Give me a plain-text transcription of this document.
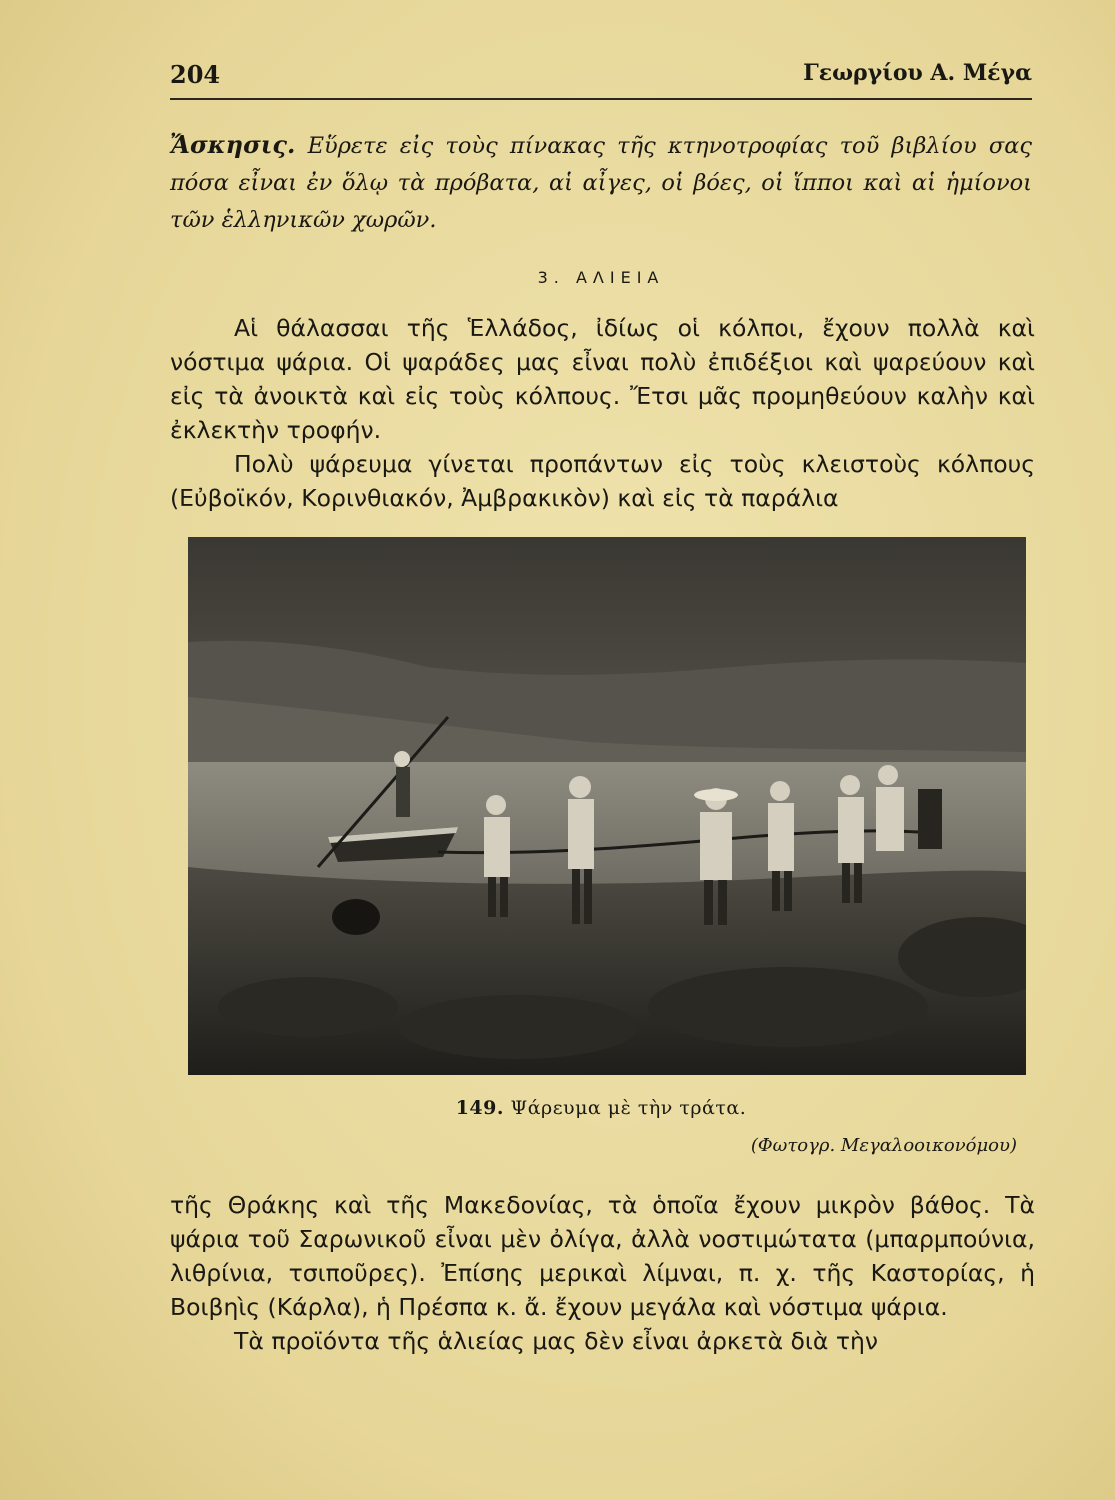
204	Γεωργίου Α. Μέγα
Ἄσκησις. Εὕρετε εἰς τοὺς πίνακας τῆς κτηνοτροφίας τοῦ βιβλίου σας πόσα εἶναι ἐν ὅλῳ τὰ πρόβατα, αἱ αἶγες, οἱ βόες, οἱ ἵπποι καὶ αἱ ἡμίονοι τῶν ἑλληνικῶν χωρῶν.
3. ΑΛΙΕΙΑ

Αἱ θάλασσαι τῆς Ἑλλάδος, ἰδίως οἱ κόλποι, ἔχουν πολλὰ καὶ νόστιμα ψάρια. Οἱ ψαράδες μας εἶναι πολὺ ἐπιδέξιοι καὶ ψαρεύουν καὶ εἰς τὰ ἀνοικτὰ καὶ εἰς τοὺς κόλπους. Ἔτσι μᾶς προμηθεύουν καλὴν καὶ ἐκλεκτὴν τροφήν.

Πολὺ ψάρευμα γίνεται προπάντων εἰς τοὺς κλειστοὺς κόλπους (Εὐβοϊκόν, Κορινθιακόν, Ἀμβρακικὸν) καὶ εἰς τὰ παράλια

149. Ψάρευμα μὲ τὴν τράτα.
(Φωτογρ. Μεγαλοοικονόμου)

τῆς Θράκης καὶ τῆς Μακεδονίας, τὰ ὁποῖα ἔχουν μικρὸν βάθος. Τὰ ψάρια τοῦ Σαρωνικοῦ εἶναι μὲν ὀλίγα, ἀλλὰ νοστιμώτατα (μπαρμπούνια, λιθρίνια, τσιποῦρες). Ἐπίσης μερικαὶ λίμναι, π. χ. τῆς Καστορίας, ἡ Βοιβηὶς (Κάρλα), ἡ Πρέσπα κ. ἄ. ἔχουν μεγάλα καὶ νόστιμα ψάρια.

Τὰ προϊόντα τῆς ἁλιείας μας δὲν εἶναι ἀρκετὰ διὰ τὴν
